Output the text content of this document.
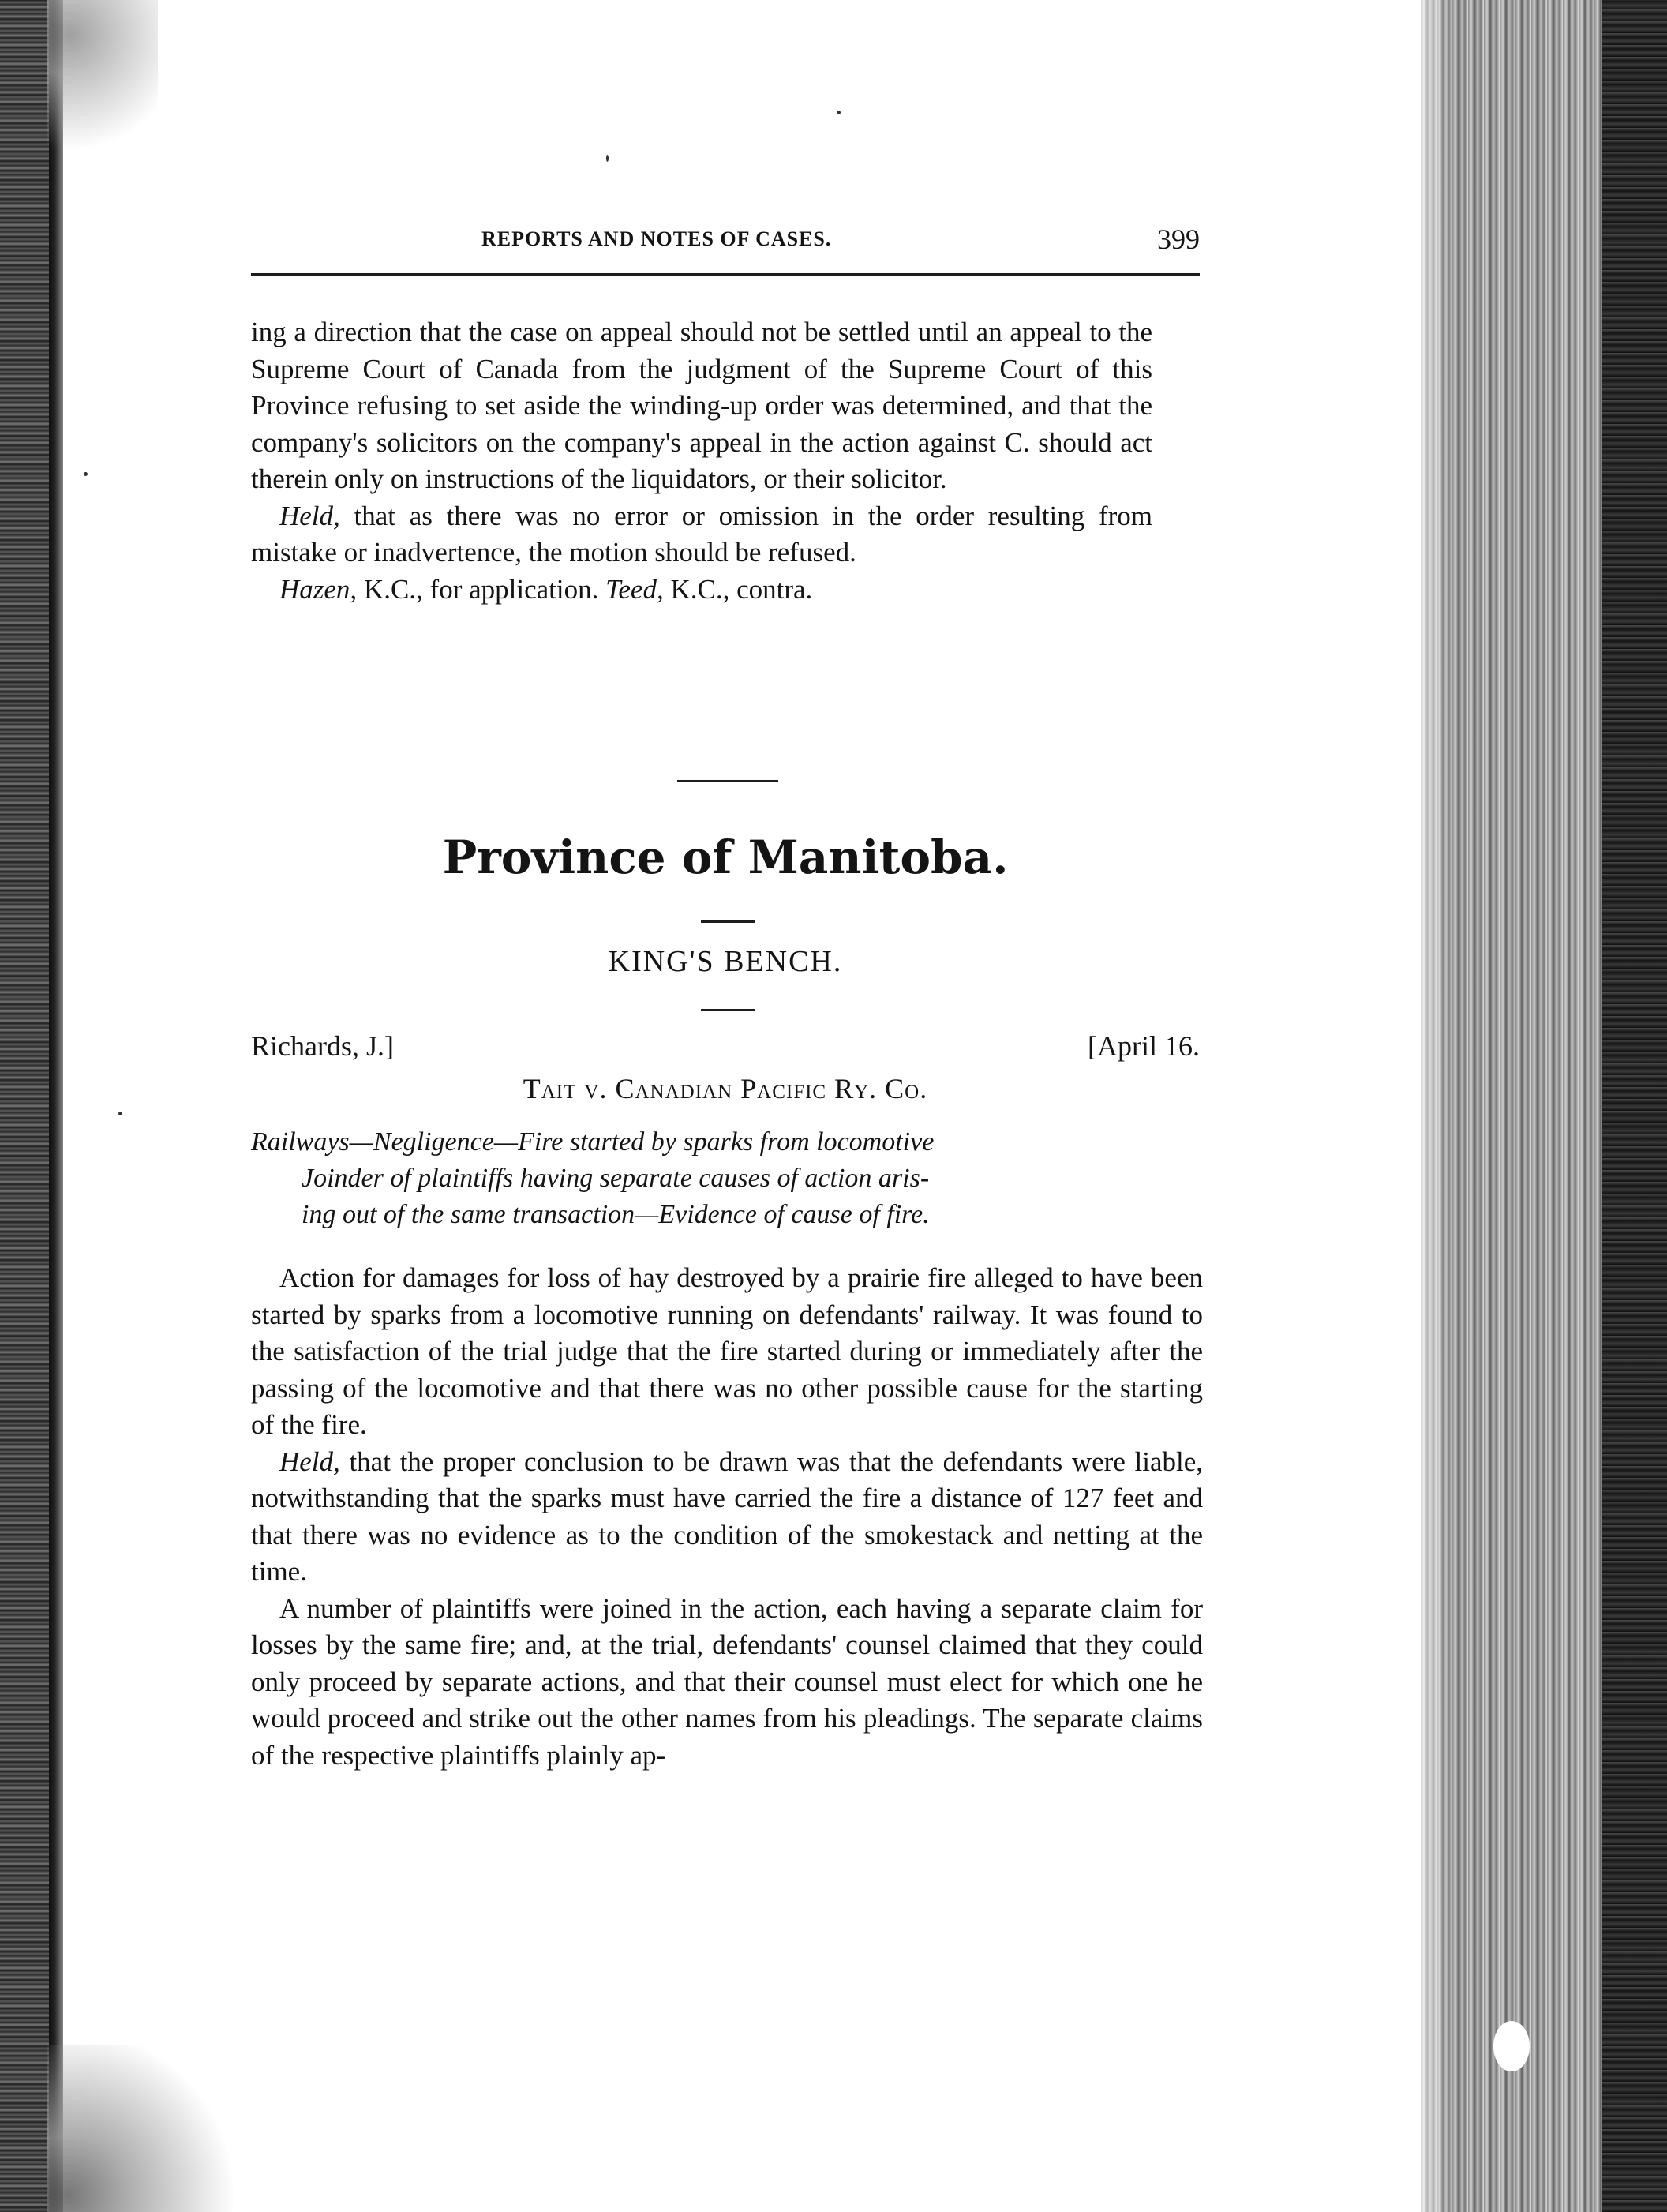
REPORTS AND NOTES OF CASES.	399

ing a direction that the case on appeal should not be settled until an appeal to the Supreme Court of Canada from the judgment of the Supreme Court of this Province refusing to set aside the winding-up order was determined, and that the company's solicitors on the company's appeal in the action against C. should act therein only on instructions of the liquidators, or their solicitor.

Held, that as there was no error or omission in the order resulting from mistake or inadvertence, the motion should be refused.

Hazen, K.C., for application. Teed, K.C., contra.

Province of Manitoba.
KING'S BENCH.
Richards, J.]	[April 16.
Tait v. Canadian Pacific Ry. Co.
Railways—Negligence—Fire started by sparks from locomotive
Joinder of plaintiffs having separate causes of action aris-
ing out of the same transaction—Evidence of cause of fire.

Action for damages for loss of hay destroyed by a prairie fire alleged to have been started by sparks from a locomotive running on defendants' railway. It was found to the satisfaction of the trial judge that the fire started during or immediately after the passing of the locomotive and that there was no other possible cause for the starting of the fire.

Held, that the proper conclusion to be drawn was that the defendants were liable, notwithstanding that the sparks must have carried the fire a distance of 127 feet and that there was no evidence as to the condition of the smokestack and netting at the time.

A number of plaintiffs were joined in the action, each having a separate claim for losses by the same fire; and, at the trial, defendants' counsel claimed that they could only proceed by separate actions, and that their counsel must elect for which one he would proceed and strike out the other names from his pleadings. The separate claims of the respective plaintiffs plainly ap-
